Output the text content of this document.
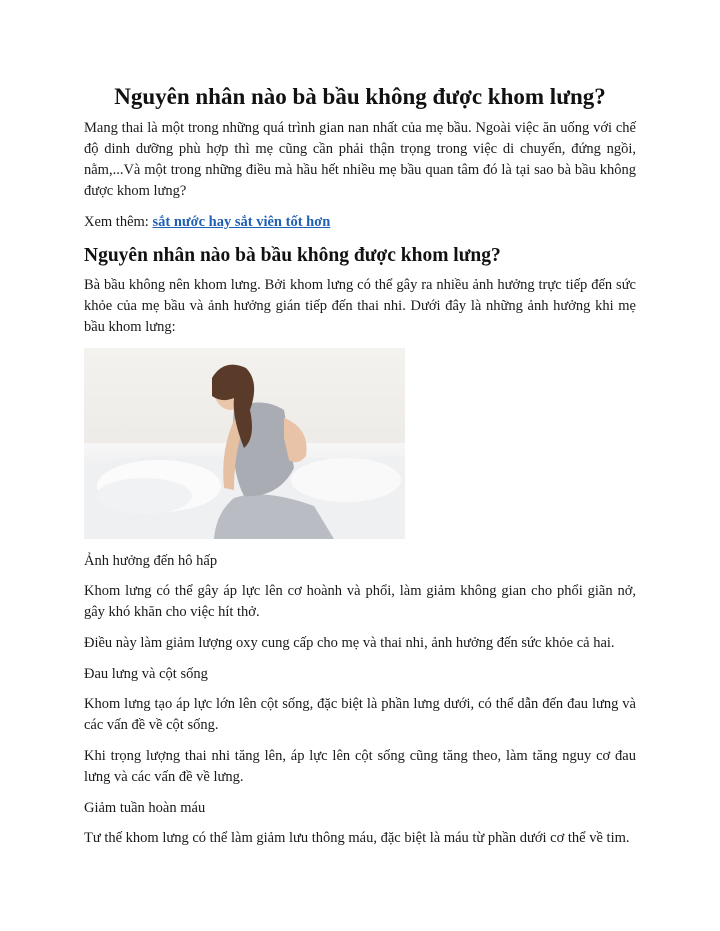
Nguyên nhân nào bà bầu không được khom lưng?

Mang thai là một trong những quá trình gian nan nhất của mẹ bầu. Ngoài việc ăn uống với chế độ dinh dưỡng phù hợp thì mẹ cũng cần phải thận trọng trong việc di chuyển, đứng ngồi, nằm,...Và một trong những điều mà hầu hết nhiều mẹ bầu quan tâm đó là tại sao bà bầu không được khom lưng?

Xem thêm: sắt nước hay sắt viên tốt hơn

Nguyên nhân nào bà bầu không được khom lưng?

Bà bầu không nên khom lưng. Bởi khom lưng có thể gây ra nhiều ảnh hưởng trực tiếp đến sức khỏe của mẹ bầu và ảnh hưởng gián tiếp đến thai nhi. Dưới đây là những ảnh hưởng khi mẹ bầu khom lưng:

Ảnh hưởng đến hô hấp

Khom lưng có thể gây áp lực lên cơ hoành và phổi, làm giảm không gian cho phổi giãn nở, gây khó khăn cho việc hít thở.

Điều này làm giảm lượng oxy cung cấp cho mẹ và thai nhi, ảnh hưởng đến sức khỏe cả hai.

Đau lưng và cột sống

Khom lưng tạo áp lực lớn lên cột sống, đặc biệt là phần lưng dưới, có thể dẫn đến đau lưng và các vấn đề về cột sống.

Khi trọng lượng thai nhi tăng lên, áp lực lên cột sống cũng tăng theo, làm tăng nguy cơ đau lưng và các vấn đề về lưng.

Giảm tuần hoàn máu

Tư thế khom lưng có thể làm giảm lưu thông máu, đặc biệt là máu từ phần dưới cơ thể về tim.
